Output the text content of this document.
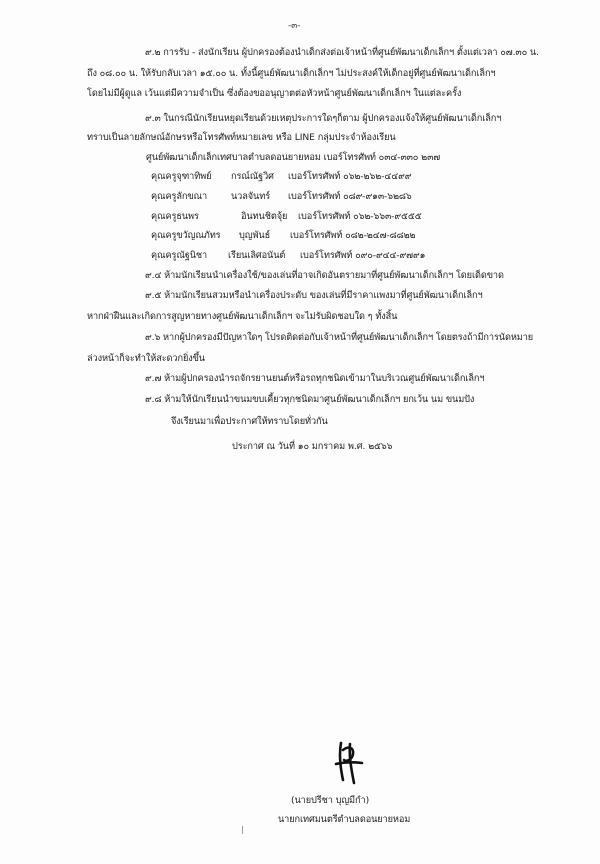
-๓-
๙.๒ การรับ - ส่งนักเรียน ผู้ปกครองต้องนำเด็กส่งต่อเจ้าหน้าที่ศูนย์พัฒนาเด็กเล็กฯ ตั้งแต่เวลา ๐๗.๓๐ น.
ถึง ๐๘.๐๐ น. ให้รับกลับเวลา ๑๕.๐๐ น. ทั้งนี้ศูนย์พัฒนาเด็กเล็กฯ ไม่ประสงค์ให้เด็กอยู่ที่ศูนย์พัฒนาเด็กเล็กฯ
โดยไม่มีผู้ดูแล เว้นแต่มีความจำเป็น ซึ่งต้องขออนุญาตต่อหัวหน้าศูนย์พัฒนาเด็กเล็กฯ ในแต่ละครั้ง
๙.๓ ในกรณีนักเรียนหยุดเรียนด้วยเหตุประการใดๆก็ตาม ผู้ปกครองแจ้งให้ศูนย์พัฒนาเด็กเล็กฯ
ทราบเป็นลายลักษณ์อักษรหรือโทรศัพท์หมายเลข หรือ LINE กลุ่มประจำห้องเรียน
ศูนย์พัฒนาเด็กเล็กเทศบาลตำบลดอนยายหอม เบอร์โทรศัพท์ ๐๓๔-๓๓๐ ๒๓๗
คุณครูจุฑาทิพย์ กรณ์ณัฐวิศ เบอร์โทรศัพท์ ๐๖๒-๒๖๒-๔๔๙๙
คุณครูลักขณา	นวลจันทร์ เบอร์โทรศัพท์ ๐๘๙-๙๑๓-๖๒๘๖
คุณครูธนพร	อินทนชิตจุ้ย เบอร์โทรศัพท์ ๐๖๒-๖๖๓-๙๕๕๕
คุณครูขวัญณภัทร บุญพันธ์ เบอร์โทรศัพท์ ๐๘๒-๒๔๗-๘๘๒๒
คุณครูณัฐนิชา เรียนเลิศอนันต์ เบอร์โทรศัพท์ ๐๙๐-๙๔๔-๙๗๙๑
๙.๔ ห้ามนักเรียนนำเครื่องใช้/ของเล่นที่อาจเกิดอันตรายมาที่ศูนย์พัฒนาเด็กเล็กฯ โดยเด็ดขาด
๙.๕ ห้ามนักเรียนสวมหรือนำเครื่องประดับ ของเล่นที่มีราคาแพงมาที่ศูนย์พัฒนาเด็กเล็กฯ
หากฝ่าฝืนและเกิดการสูญหายทางศูนย์พัฒนาเด็กเล็กฯ จะไม่รับผิดชอบใด ๆ ทั้งสิ้น
๙.๖ หากผู้ปกครองมีปัญหาใดๆ โปรดติดต่อกับเจ้าหน้าที่ศูนย์พัฒนาเด็กเล็กฯ โดยตรงถ้ามีการนัดหมาย
ล่วงหน้าก็จะทำให้สะดวกยิ่งขึ้น
๙.๗ ห้ามผู้ปกครองนำรถจักรยานยนต์หรือรถทุกชนิดเข้ามาในบริเวณศูนย์พัฒนาเด็กเล็กฯ
๙.๘ ห้ามให้นักเรียนนำขนมขบเคี้ยวทุกชนิดมาศูนย์พัฒนาเด็กเล็กฯ ยกเว้น นม ขนมปัง
จึงเรียนมาเพื่อประกาศให้ทราบโดยทั่วกัน
ประกาศ ณ วันที่ ๑๐ มกราคม พ.ศ. ๒๕๖๖
(นายปรีชา บุญมีกำ)
นายกเทศมนตรีตำบลดอนยายหอม
